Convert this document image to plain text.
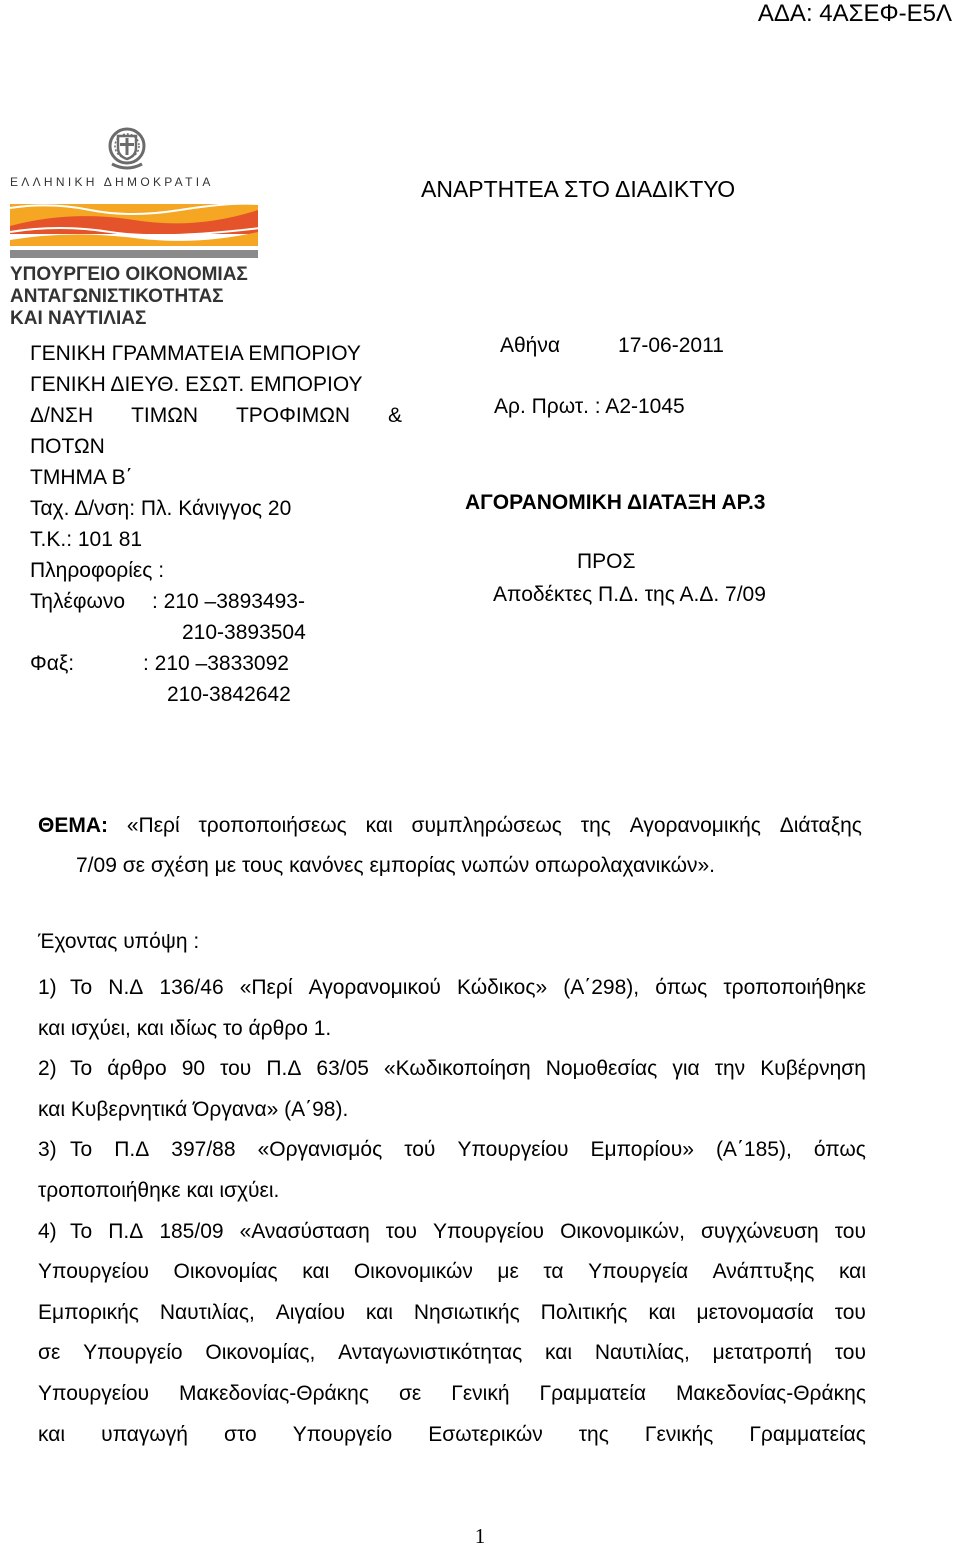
ΑΔΑ: 4ΑΣΕΦ-Ε5Λ
ΕΛΛΗΝΙΚΗ ΔΗΜΟΚΡΑΤΙΑ
ΥΠΟΥΡΓΕΙΟ ΟΙΚΟΝΟΜΙΑΣ
ΑΝΤΑΓΩΝΙΣΤΙΚΟΤΗΤΑΣ
ΚΑΙ ΝΑΥΤΙΛΙΑΣ
ΑΝΑΡΤΗΤΕΑ ΣΤΟ ΔΙΑΔΙΚΤΥΟ
ΓΕΝΙΚΗ ΓΡΑΜΜΑΤΕΙΑ ΕΜΠΟΡΙΟΥ
ΓΕΝΙΚΗ ΔΙΕΥΘ. ΕΣΩΤ. ΕΜΠΟΡΙΟΥ
Δ/ΝΣΗ ΤΙΜΩΝ ΤΡΟΦΙΜΩΝ &
ΠΟΤΩΝ
ΤΜΗΜΑ Β΄
Ταχ. Δ/νση: Πλ. Κάνιγγος 20
Τ.Κ.: 101 81
Πληροφορίες :
Τηλέφωνο : 210 –3893493-
210-3893504
Φαξ:	: 210 –3833092
210-3842642
Αθήνα	17-06-2011
Αρ. Πρωτ. : Α2-1045
ΑΓΟΡΑΝΟΜΙΚΗ ΔΙΑΤΑΞΗ ΑΡ.3
ΠΡΟΣ
Αποδέκτες Π.Δ. της Α.Δ. 7/09
ΘΕΜΑ: «Περί τροποποιήσεως και συμπληρώσεως της Αγορανομικής Διάταξης
7/09 σε σχέση με τους κανόνες εμπορίας νωπών οπωρολαχανικών».
Έχοντας υπόψη :
1) Το Ν.Δ 136/46 «Περί Αγορανομικού Κώδικος» (Α΄298), όπως τροποποιήθηκε
και ισχύει, και ιδίως το άρθρο 1.
2) Το άρθρο 90 του Π.Δ 63/05 «Κωδικοποίηση Νομοθεσίας για την Κυβέρνηση
και Κυβερνητικά Όργανα» (Α΄98).
3) Το Π.Δ 397/88 «Οργανισμός τού Υπουργείου Εμπορίου» (Α΄185), όπως
τροποποιήθηκε και ισχύει.
4) Το Π.Δ 185/09 «Ανασύσταση του Υπουργείου Οικονομικών, συγχώνευση του
Υπουργείου Οικονομίας και Οικονομικών με τα Υπουργεία Ανάπτυξης και
Εμπορικής Ναυτιλίας, Αιγαίου και Νησιωτικής Πολιτικής και μετονομασία του
σε Υπουργείο Οικονομίας, Ανταγωνιστικότητας και Ναυτιλίας, μετατροπή του
Υπουργείου Μακεδονίας-Θράκης σε Γενική Γραμματεία Μακεδονίας-Θράκης
και υπαγωγή στο Υπουργείο Εσωτερικών της Γενικής Γραμματείας
1
